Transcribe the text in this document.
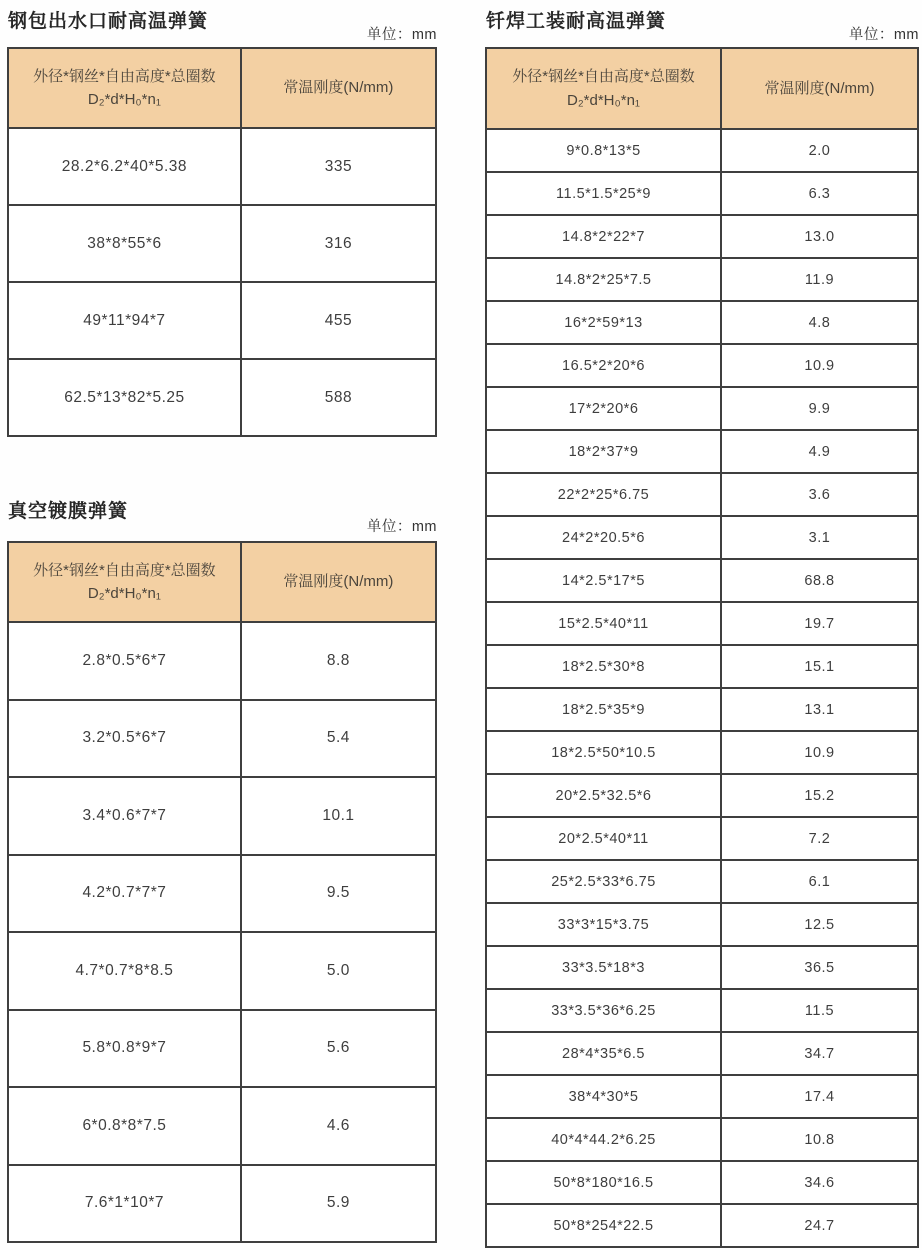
钢包出水口耐高温弹簧
单位：mm
外径*钢丝*自由高度*总圈数
D₂*d*H₀*n₁	常温刚度(N/mm)
28.2*6.2*40*5.38	335
38*8*55*6	316
49*11*94*7	455
62.5*13*82*5.25	588
真空镀膜弹簧
单位：mm
外径*钢丝*自由高度*总圈数
D₂*d*H₀*n₁	常温刚度(N/mm)
2.8*0.5*6*7	8.8
3.2*0.5*6*7	5.4
3.4*0.6*7*7	10.1
4.2*0.7*7*7	9.5
4.7*0.7*8*8.5	5.0
5.8*0.8*9*7	5.6
6*0.8*8*7.5	4.6
7.6*1*10*7	5.9
钎焊工装耐高温弹簧
单位：mm
外径*钢丝*自由高度*总圈数
D₂*d*H₀*n₁	常温刚度(N/mm)
9*0.8*13*5	2.0
11.5*1.5*25*9	6.3
14.8*2*22*7	13.0
14.8*2*25*7.5	11.9
16*2*59*13	4.8
16.5*2*20*6	10.9
17*2*20*6	9.9
18*2*37*9	4.9
22*2*25*6.75	3.6
24*2*20.5*6	3.1
14*2.5*17*5	68.8
15*2.5*40*11	19.7
18*2.5*30*8	15.1
18*2.5*35*9	13.1
18*2.5*50*10.5	10.9
20*2.5*32.5*6	15.2
20*2.5*40*11	7.2
25*2.5*33*6.75	6.1
33*3*15*3.75	12.5
33*3.5*18*3	36.5
33*3.5*36*6.25	11.5
28*4*35*6.5	34.7
38*4*30*5	17.4
40*4*44.2*6.25	10.8
50*8*180*16.5	34.6
50*8*254*22.5	24.7
